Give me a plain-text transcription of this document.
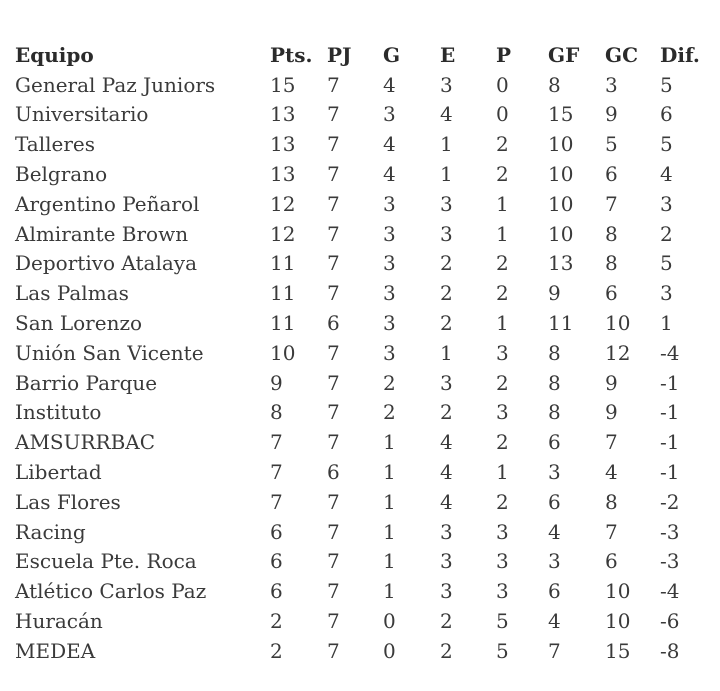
Equipo	Pts.	PJ	G	E	P	GF	GC	Dif.
General Paz Juniors	15	7	4	3	0	8	3	5
Universitario	13	7	3	4	0	15	9	6
Talleres	13	7	4	1	2	10	5	5
Belgrano	13	7	4	1	2	10	6	4
Argentino Peñarol	12	7	3	3	1	10	7	3
Almirante Brown	12	7	3	3	1	10	8	2
Deportivo Atalaya	11	7	3	2	2	13	8	5
Las Palmas	11	7	3	2	2	9	6	3
San Lorenzo	11	6	3	2	1	11	10	1
Unión San Vicente	10	7	3	1	3	8	12	-4
Barrio Parque	9	7	2	3	2	8	9	-1
Instituto	8	7	2	2	3	8	9	-1
AMSURRBAC	7	7	1	4	2	6	7	-1
Libertad	7	6	1	4	1	3	4	-1
Las Flores	7	7	1	4	2	6	8	-2
Racing	6	7	1	3	3	4	7	-3
Escuela Pte. Roca	6	7	1	3	3	3	6	-3
Atlético Carlos Paz	6	7	1	3	3	6	10	-4
Huracán	2	7	0	2	5	4	10	-6
MEDEA	2	7	0	2	5	7	15	-8
